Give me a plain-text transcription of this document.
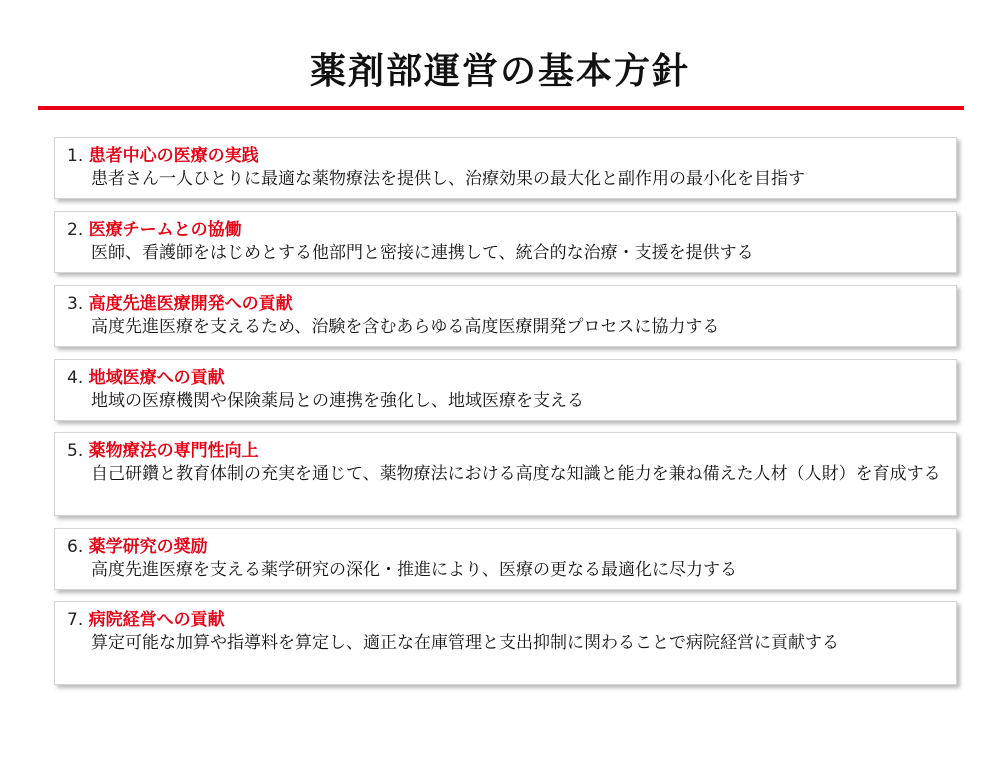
薬剤部運営の基本方針
1. 患者中心の医療の実践
患者さん一人ひとりに最適な薬物療法を提供し、治療効果の最大化と副作用の最小化を目指す
2. 医療チームとの協働
医師、看護師をはじめとする他部門と密接に連携して、統合的な治療・支援を提供する
3. 高度先進医療開発への貢献
高度先進医療を支えるため、治験を含むあらゆる高度医療開発プロセスに協力する
4. 地域医療への貢献
地域の医療機関や保険薬局との連携を強化し、地域医療を支える
5. 薬物療法の専門性向上
自己研鑽と教育体制の充実を通じて、薬物療法における高度な知識と能力を兼ね備えた人材（人財）を育成する
6. 薬学研究の奨励
高度先進医療を支える薬学研究の深化・推進により、医療の更なる最適化に尽力する
7. 病院経営への貢献
算定可能な加算や指導料を算定し、適正な在庫管理と支出抑制に関わることで病院経営に貢献する
